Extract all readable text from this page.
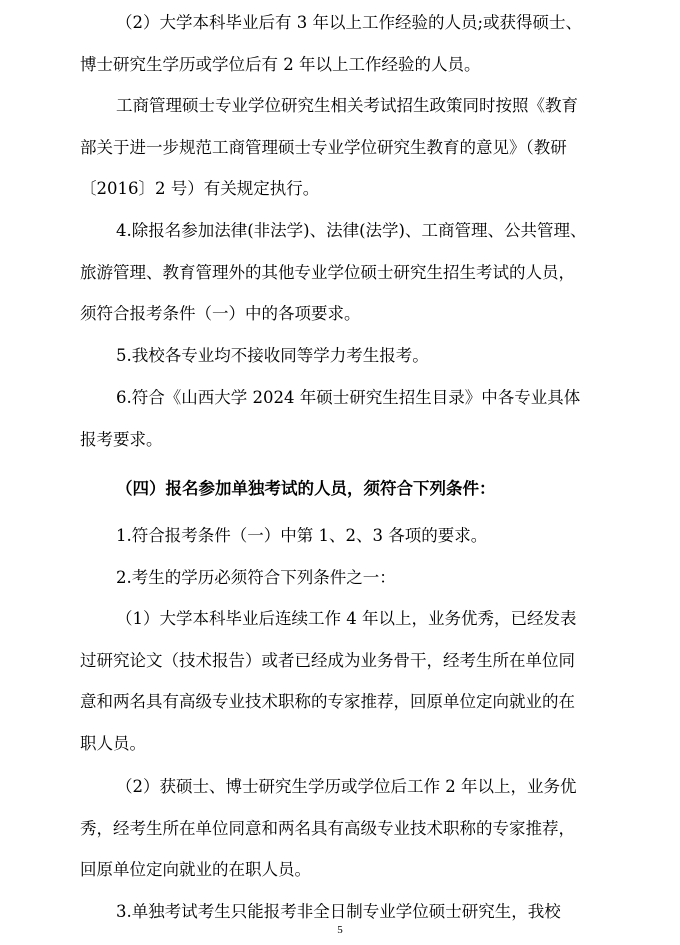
（2）大学本科毕业后有 3 年以上工作经验的人员;或获得硕士、
博士研究生学历或学位后有 2 年以上工作经验的人员。
工商管理硕士专业学位研究生相关考试招生政策同时按照《教育
部关于进一步规范工商管理硕士专业学位研究生教育的意见》（教研
〔2016〕2 号）有关规定执行。
4.除报名参加法律(非法学)、法律(法学)、工商管理、公共管理、
旅游管理、教育管理外的其他专业学位硕士研究生招生考试的人员，
须符合报考条件（一）中的各项要求。
5.我校各专业均不接收同等学力考生报考。
6.符合《山西大学 2024 年硕士研究生招生目录》中各专业具体
报考要求。
（四）报名参加单独考试的人员，须符合下列条件：
1.符合报考条件（一）中第 1、2、3 各项的要求。
2.考生的学历必须符合下列条件之一：
（1）大学本科毕业后连续工作 4 年以上，业务优秀，已经发表
过研究论文（技术报告）或者已经成为业务骨干，经考生所在单位同
意和两名具有高级专业技术职称的专家推荐，回原单位定向就业的在
职人员。
（2）获硕士、博士研究生学历或学位后工作 2 年以上，业务优
秀，经考生所在单位同意和两名具有高级专业技术职称的专家推荐，
回原单位定向就业的在职人员。
3.单独考试考生只能报考非全日制专业学位硕士研究生，我校
5
